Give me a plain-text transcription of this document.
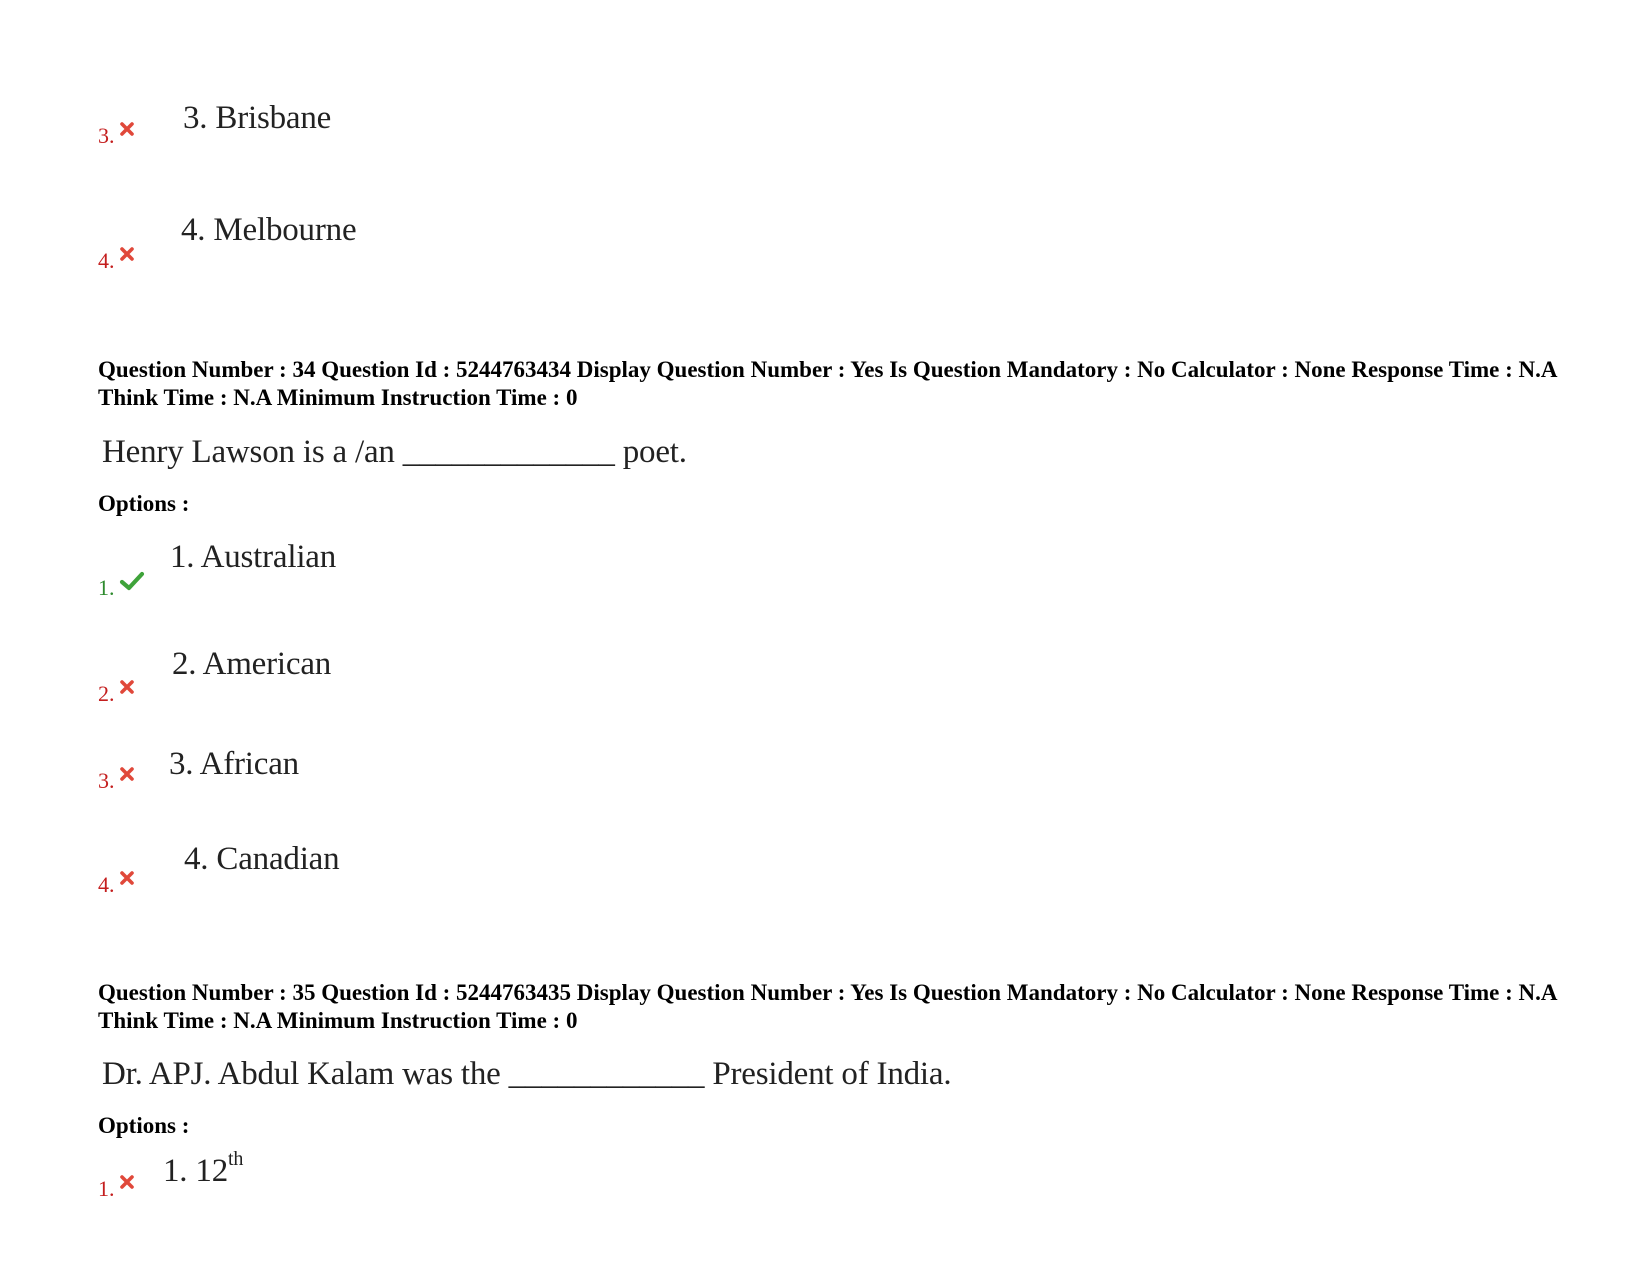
3.	3. Brisbane
4.
4. Melbourne
Question Number : 34 Question Id : 5244763434 Display Question Number : Yes Is Question Mandatory : No Calculator : None Response Time : N.A Think Time : N.A Minimum Instruction Time : 0
Henry Lawson is a /an _____________ poet.
Options :
1.
1. Australian
2.
2. American
3.	3. African
4.
4. Canadian
Question Number : 35 Question Id : 5244763435 Display Question Number : Yes Is Question Mandatory : No Calculator : None Response Time : N.A Think Time : N.A Minimum Instruction Time : 0
Dr. APJ. Abdul Kalam was the ____________ President of India.
Options :
1.	1. 12th
